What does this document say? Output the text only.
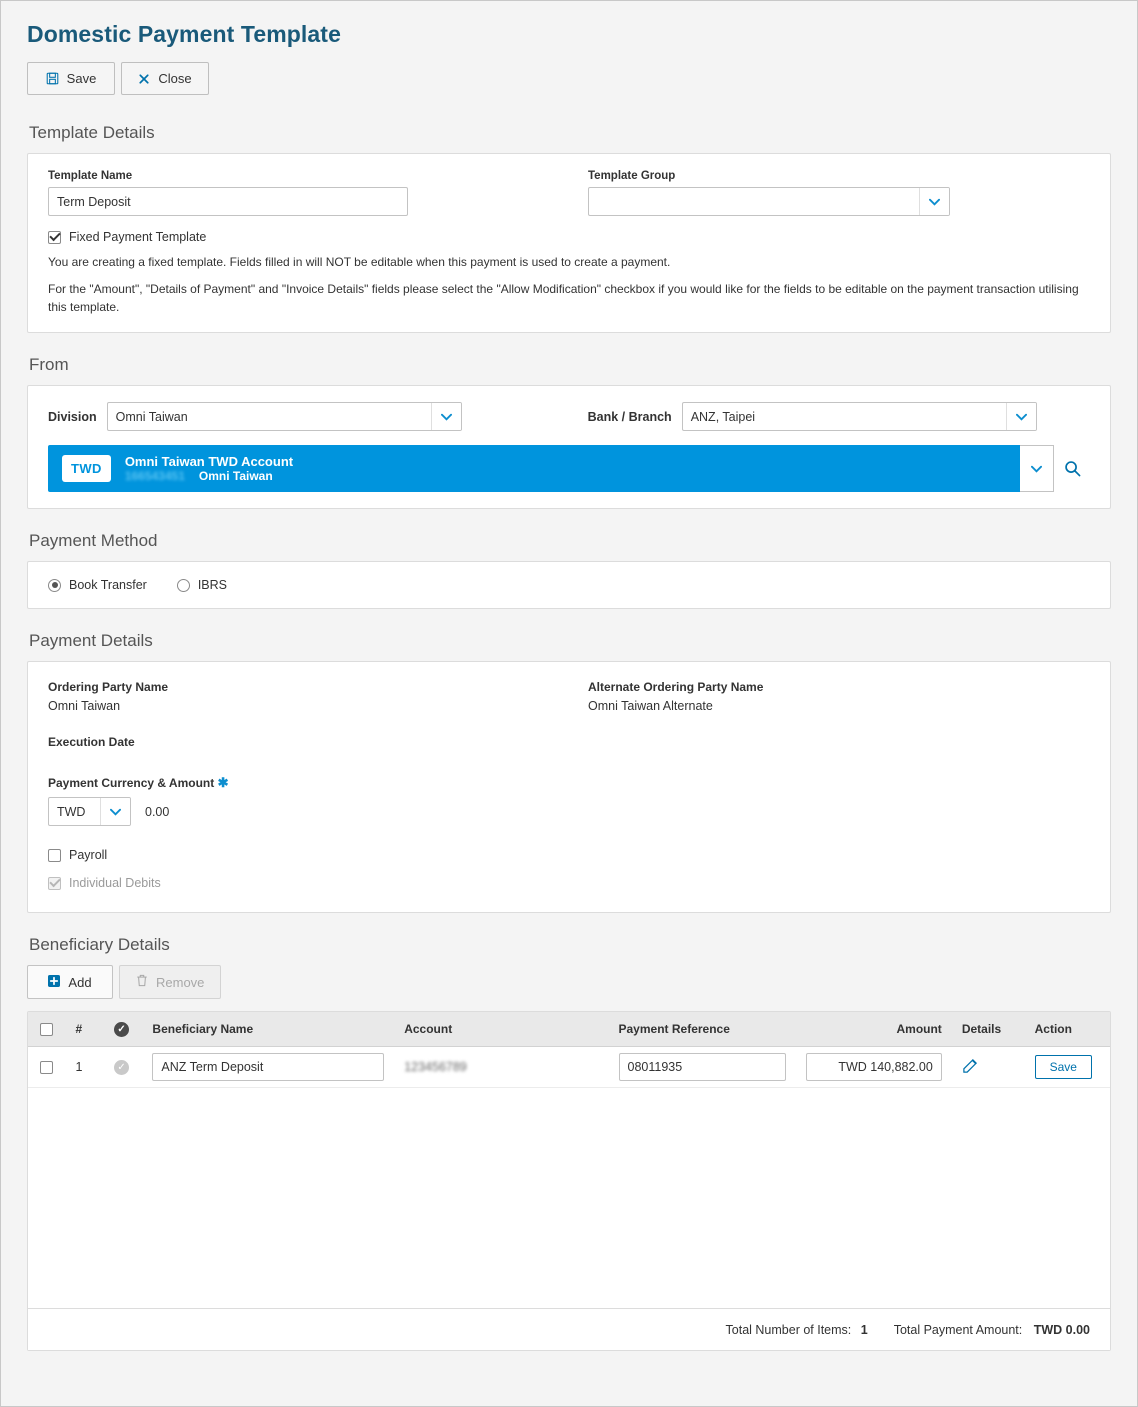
Domestic Payment Template
Save	Close
Template Details
Template Name
Term Deposit	Template Group
Fixed Payment Template
You are creating a fixed template. Fields filled in will NOT be editable when this payment is used to create a payment.
For the "Amount", "Details of Payment" and "Invoice Details" fields please select the "Allow Modification" checkbox if you would like for the fields to be editable on the payment transaction utilising this template.
From
Division	Omni Taiwan	Bank / Branch	ANZ, Taipei
TWD	Omni Taiwan TWD Account
166543451 Omni Taiwan
Payment Method
Book Transfer	IBRS
Payment Details
Ordering Party Name
Omni Taiwan
Alternate Ordering Party Name
Omni Taiwan Alternate
Execution Date
Payment Currency & Amount ✱
TWD	0.00
Payroll
Individual Debits
Beneficiary Details
Add	Remove
	#	✓	Beneficiary Name	Account	Payment Reference	Amount	Details	Action
	1	✓	ANZ Term Deposit	123456789	08011935	TWD 140,882.00		Save
Total Number of Items: 1 Total Payment Amount: TWD 0.00
